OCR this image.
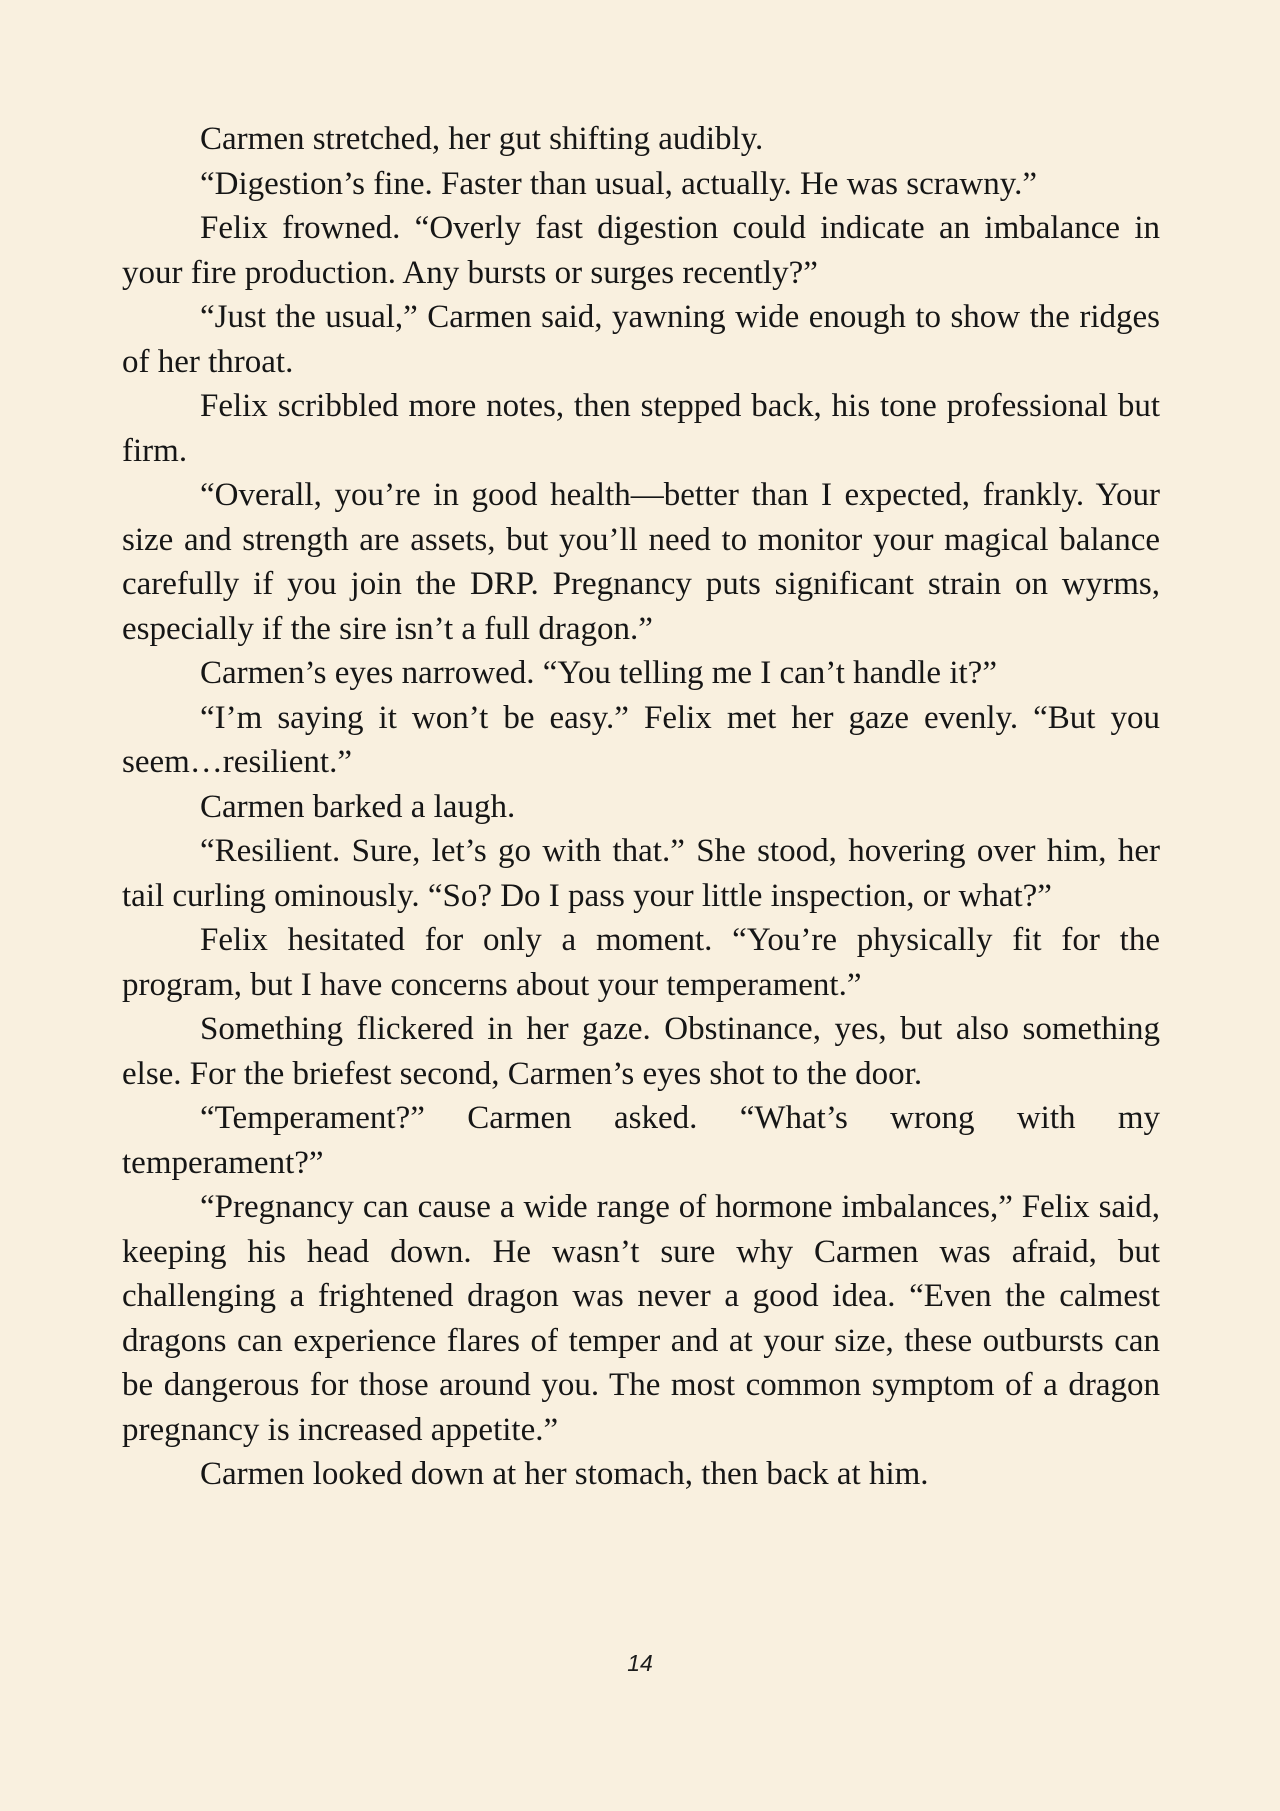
Carmen stretched, her gut shifting audibly.

“Digestion’s fine. Faster than usual, actually. He was scrawny.”

Felix frowned. “Overly fast digestion could indicate an imbalance in your fire production. Any bursts or surges recently?”

“Just the usual,” Carmen said, yawning wide enough to show the ridges of her throat.

Felix scribbled more notes, then stepped back, his tone professional but firm.

“Overall, you’re in good health—better than I expected, frankly. Your size and strength are assets, but you’ll need to monitor your magical balance carefully if you join the DRP. Pregnancy puts significant strain on wyrms, especially if the sire isn’t a full dragon.”

Carmen’s eyes narrowed. “You telling me I can’t handle it?”

“I’m saying it won’t be easy.” Felix met her gaze evenly. “But you seem…resilient.”

Carmen barked a laugh.

“Resilient. Sure, let’s go with that.” She stood, hovering over him, her tail curling ominously. “So? Do I pass your little inspection, or what?”

Felix hesitated for only a moment. “You’re physically fit for the program, but I have concerns about your temperament.”

Something flickered in her gaze. Obstinance, yes, but also something else. For the briefest second, Carmen’s eyes shot to the door.

“Temperament?” Carmen asked. “What’s wrong with my temperament?”

“Pregnancy can cause a wide range of hormone imbalances,” Felix said, keeping his head down. He wasn’t sure why Carmen was afraid, but challenging a frightened dragon was never a good idea. “Even the calmest dragons can experience flares of temper and at your size, these outbursts can be dangerous for those around you. The most common symptom of a dragon pregnancy is increased appetite.”

Carmen looked down at her stomach, then back at him.

14
